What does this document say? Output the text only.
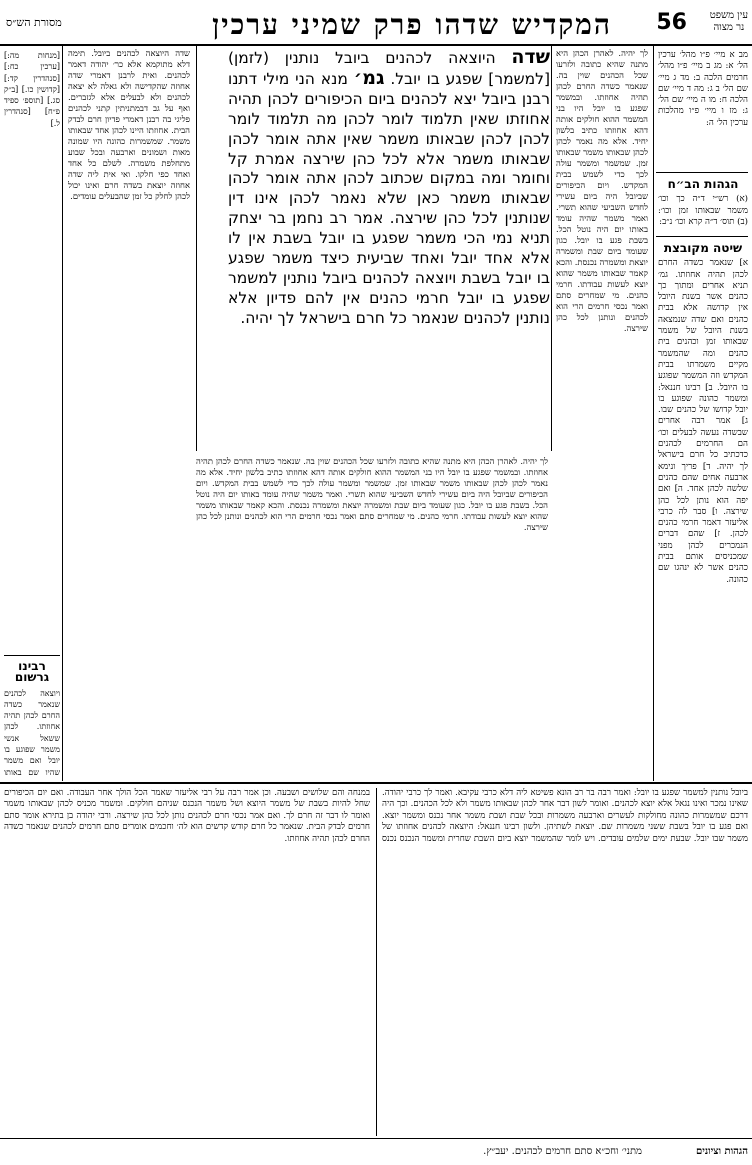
עין משפט
נר מצוה
56
המקדיש שדהו פרק שמיני ערכין
מסורת הש״ס

מב א מיי׳ פ״ו מהל׳ ערכין הל׳ א: מג ב מיי׳ פ״ו מהל׳ חרמים הלכה ב: מד ג מיי׳ שם הל׳ ב ג: מה ד מיי׳ שם הלכה ח: מו ה מיי׳ שם הל׳ ג: מז ו מיי׳ פ״ו מהלכות ערכין הל׳ ה:

הגהות הב״ח

(א) רש״י ד״ה כך וכו׳ משמר שבאותו זמן וכו׳: (ב) תוס׳ ד״ה קרא וכו׳ נ״ב:

שיטה מקובצת

א] שנאמר כשדה החרם לכהן תהיה אחוזתו. גמ׳ תניא אחרים ומתוך כך כהנים אשר בשנת היובל אין קדושה אלא בבית כהנים ואם שדה שנמצאה בשנת היובל של משמר שבאותו זמן וכהנים בית כהנים ומה שהמשמר מקיים משמרתו בבית המקדש וזה המשמר שפוגע בו היובל. ב] רבינו חננאל: ומשמר כהונה שפוגע בו יובל קדושו של כהנים שבו. ג] אמר רבה אחרים שבשדה נעשה לבעלים וכו׳ הם החרמים לכהנים כדכתיב כל חרם בישראל לך יהיה. ד] פריך ונימא ארבעה אחים שהם כהנים שלשה לכהן אחד. ה] ואם יפה הוא נותן לכל כהן שירצה. ו] סבר לה כרבי אליעזר דאמר חרמי כהנים לכהן. ז] שהם דברים הנמכרים לכהן מפני שמכניסים אותם בבית כהנים אשר לא ינהגו שם כהונה.

[מנחות מה:] [ערכין כח:] [סנהדרין קד:] [קדושין כו.] [ב״ק סג.] [תוספ׳ ספיד פ״ח] [סנהדרין ל.]

רבינו גרשום

ויוצאה לכהנים שנאמר כשדה החרם לכהן תהיה אחוזתו. לכהן ששאל אנשי משמר שפוגע בו יובל ואם משמר שהיו שם באותו

לך יהיה. לאהרן הכהן היא מתנה שהיא כתובה ולזרעו שכל הכהנים שוין בה. שנאמר כשדה החרם לכהן תהיה אחוזתו. ובמשמר שפגע בו יובל היו בני המשמר ההוא חולקים אותה דהא אחוזתו כתיב בלשון יחיד. אלא מה נאמר לכהן לכהן שבאותו משמר שבאותו זמן. שמשמר ומשמר עולה לכך כדי לשמש בבית המקדש. ויום הכיפורים שביובל היה ביום עשירי לחדש השביעי שהוא תשרי. ואמר משמר שהיה עומד באותו יום היה נוטל הכל. בשבת פגע בו יובל. כגון שעומד ביום שבת ומשמרה יוצאת ומשמרה נכנסת. והכא קאמר שבאותו משמר שהוא יוצא לעשות עבודתו. חרמי כהנים. מי שמחרים סתם ואמר נכסי חרמים הרי הוא לכהנים ונותנן לכל כהן שירצה.

שדה היוצאה לכהנים ביובל נותנין (לזמן) [למשמר] שפגע בו יובל. גמ׳ מנא הני מילי דתנו רבנן ביובל יצא לכהנים ביום הכיפורים לכהן תהיה אחוזתו שאין תלמוד לומר לכהן מה תלמוד לומר לכהן לכהן שבאותו משמר שאין אתה אומר לכהן שבאותו משמר אלא לכל כהן שירצה אמרת קל וחומר ומה במקום שכתוב לכהן אתה אומר לכהן שבאותו משמר כאן שלא נאמר לכהן אינו דין שנותנין לכל כהן שירצה. אמר רב נחמן בר יצחק תניא נמי הכי משמר שפגע בו יובל בשבת אין לו אלא אחד יובל ואחד שביעית כיצד משמר שפגע בו יובל בשבת ויוצאה לכהנים ביובל נותנין למשמר שפגע בו יובל חרמי כהנים אין להם פדיון אלא נותנין לכהנים שנאמר כל חרם בישראל לך יהיה.

שדה היוצאה לכהנים ביובל. תימה דלא מתוקמא אלא כר׳ יהודה דאמר לכהנים. ואית לרבנן דאמרי שדה אחוזה שהקדישה ולא גאלה לא יצאה לכהנים ולא לבעלים אלא לגזברים. ואף על גב דבמתניתין קתני לכהנים פליגי בה רבנן דאמרי פדיון חרם לבדק הבית. אחוזתו היינו לכהן אחד שבאותו משמר. שמשמרות כהונה היו שמונה מאות ושמונים וארבעה ובכל שבוע מתחלפת משמרה. לשלם כל אחד ואחד כפי חלקו. ואי אית ליה שדה אחוזה יוצאת בשדה חרם ואינו יכול לכהן לחלק כל זמן שהבעלים עומדים.

לך יהיה. לאהרן הכהן היא מתנה שהיא כתובה ולזרעו שכל הכהנים שוין בה. שנאמר כשדה החרם לכהן תהיה אחוזתו. ובמשמר שפגע בו יובל היו בני המשמר ההוא חולקים אותה דהא אחוזתו כתיב בלשון יחיד. אלא מה נאמר לכהן לכהן שבאותו משמר שבאותו זמן. שמשמר ומשמר עולה לכך כדי לשמש בבית המקדש. ויום הכיפורים שביובל היה ביום עשירי לחדש השביעי שהוא תשרי. ואמר משמר שהיה עומד באותו יום היה נוטל הכל. בשבת פגע בו יובל. כגון שעומד ביום שבת ומשמרה יוצאת ומשמרה נכנסת. והכא קאמר שבאותו משמר שהוא יוצא לעשות עבודתו. חרמי כהנים. מי שמחרים סתם ואמר נכסי חרמים הרי הוא לכהנים ונותנן לכל כהן שירצה.

ביובל נותנין למשמר שפגע בו יובל: ואמר רבה בר רב הונא פשיטא ליה דלא כרבי עקיבא. ואמר לך כרבי יהודה. שאינו נמכר ואינו נגאל אלא יוצא לכהנים. ואומר לשון דבר אחר לכהן שבאותו משמר ולא לכל הכהנים. וכך היה דרכם שמשמרות כהונה מחולקות לעשרים וארבעה משמרות ובכל שבת ושבת משמר אחר נכנס ומשמר יוצא. ואם פגע בו יובל בשבת ששני משמרות שם. יוצאת לשתיהן. ולשון רבינו חננאל: היוצאה לכהנים אחוזתו של משמר שבו יובל. שבעת ימים שלמים עובדים. ויש לומר שהמשמר יוצא ביום השבת שחרית ומשמר הנכנס נכנס במנחה והם שלושים ושבעה. וכן אמר רבה על רבי אליעזר שאמר הכל הולך אחר העבודה. ואם יום הכיפורים שחל להיות בשבת של משמר היוצא ושל משמר הנכנס שניהם חולקים. ומשמר מכניס לכהן שבאותו משמר ואומר לו דבר זה חרם לך. ואם אמר נכסי חרם לכהנים נותן לכל כהן שירצה. ורבי יהודה בן בתירא אומר סתם חרמים לבדק הבית. שנאמר כל חרם קודש קדשים הוא לה׳ וחכמים אומרים סתם חרמים לכהנים שנאמר כשדה החרם לכהן תהיה אחוזתו.

הגהות וציונים
מתני׳ וחכ״א סתם חרמים לכהנים. יעב״ץ.
